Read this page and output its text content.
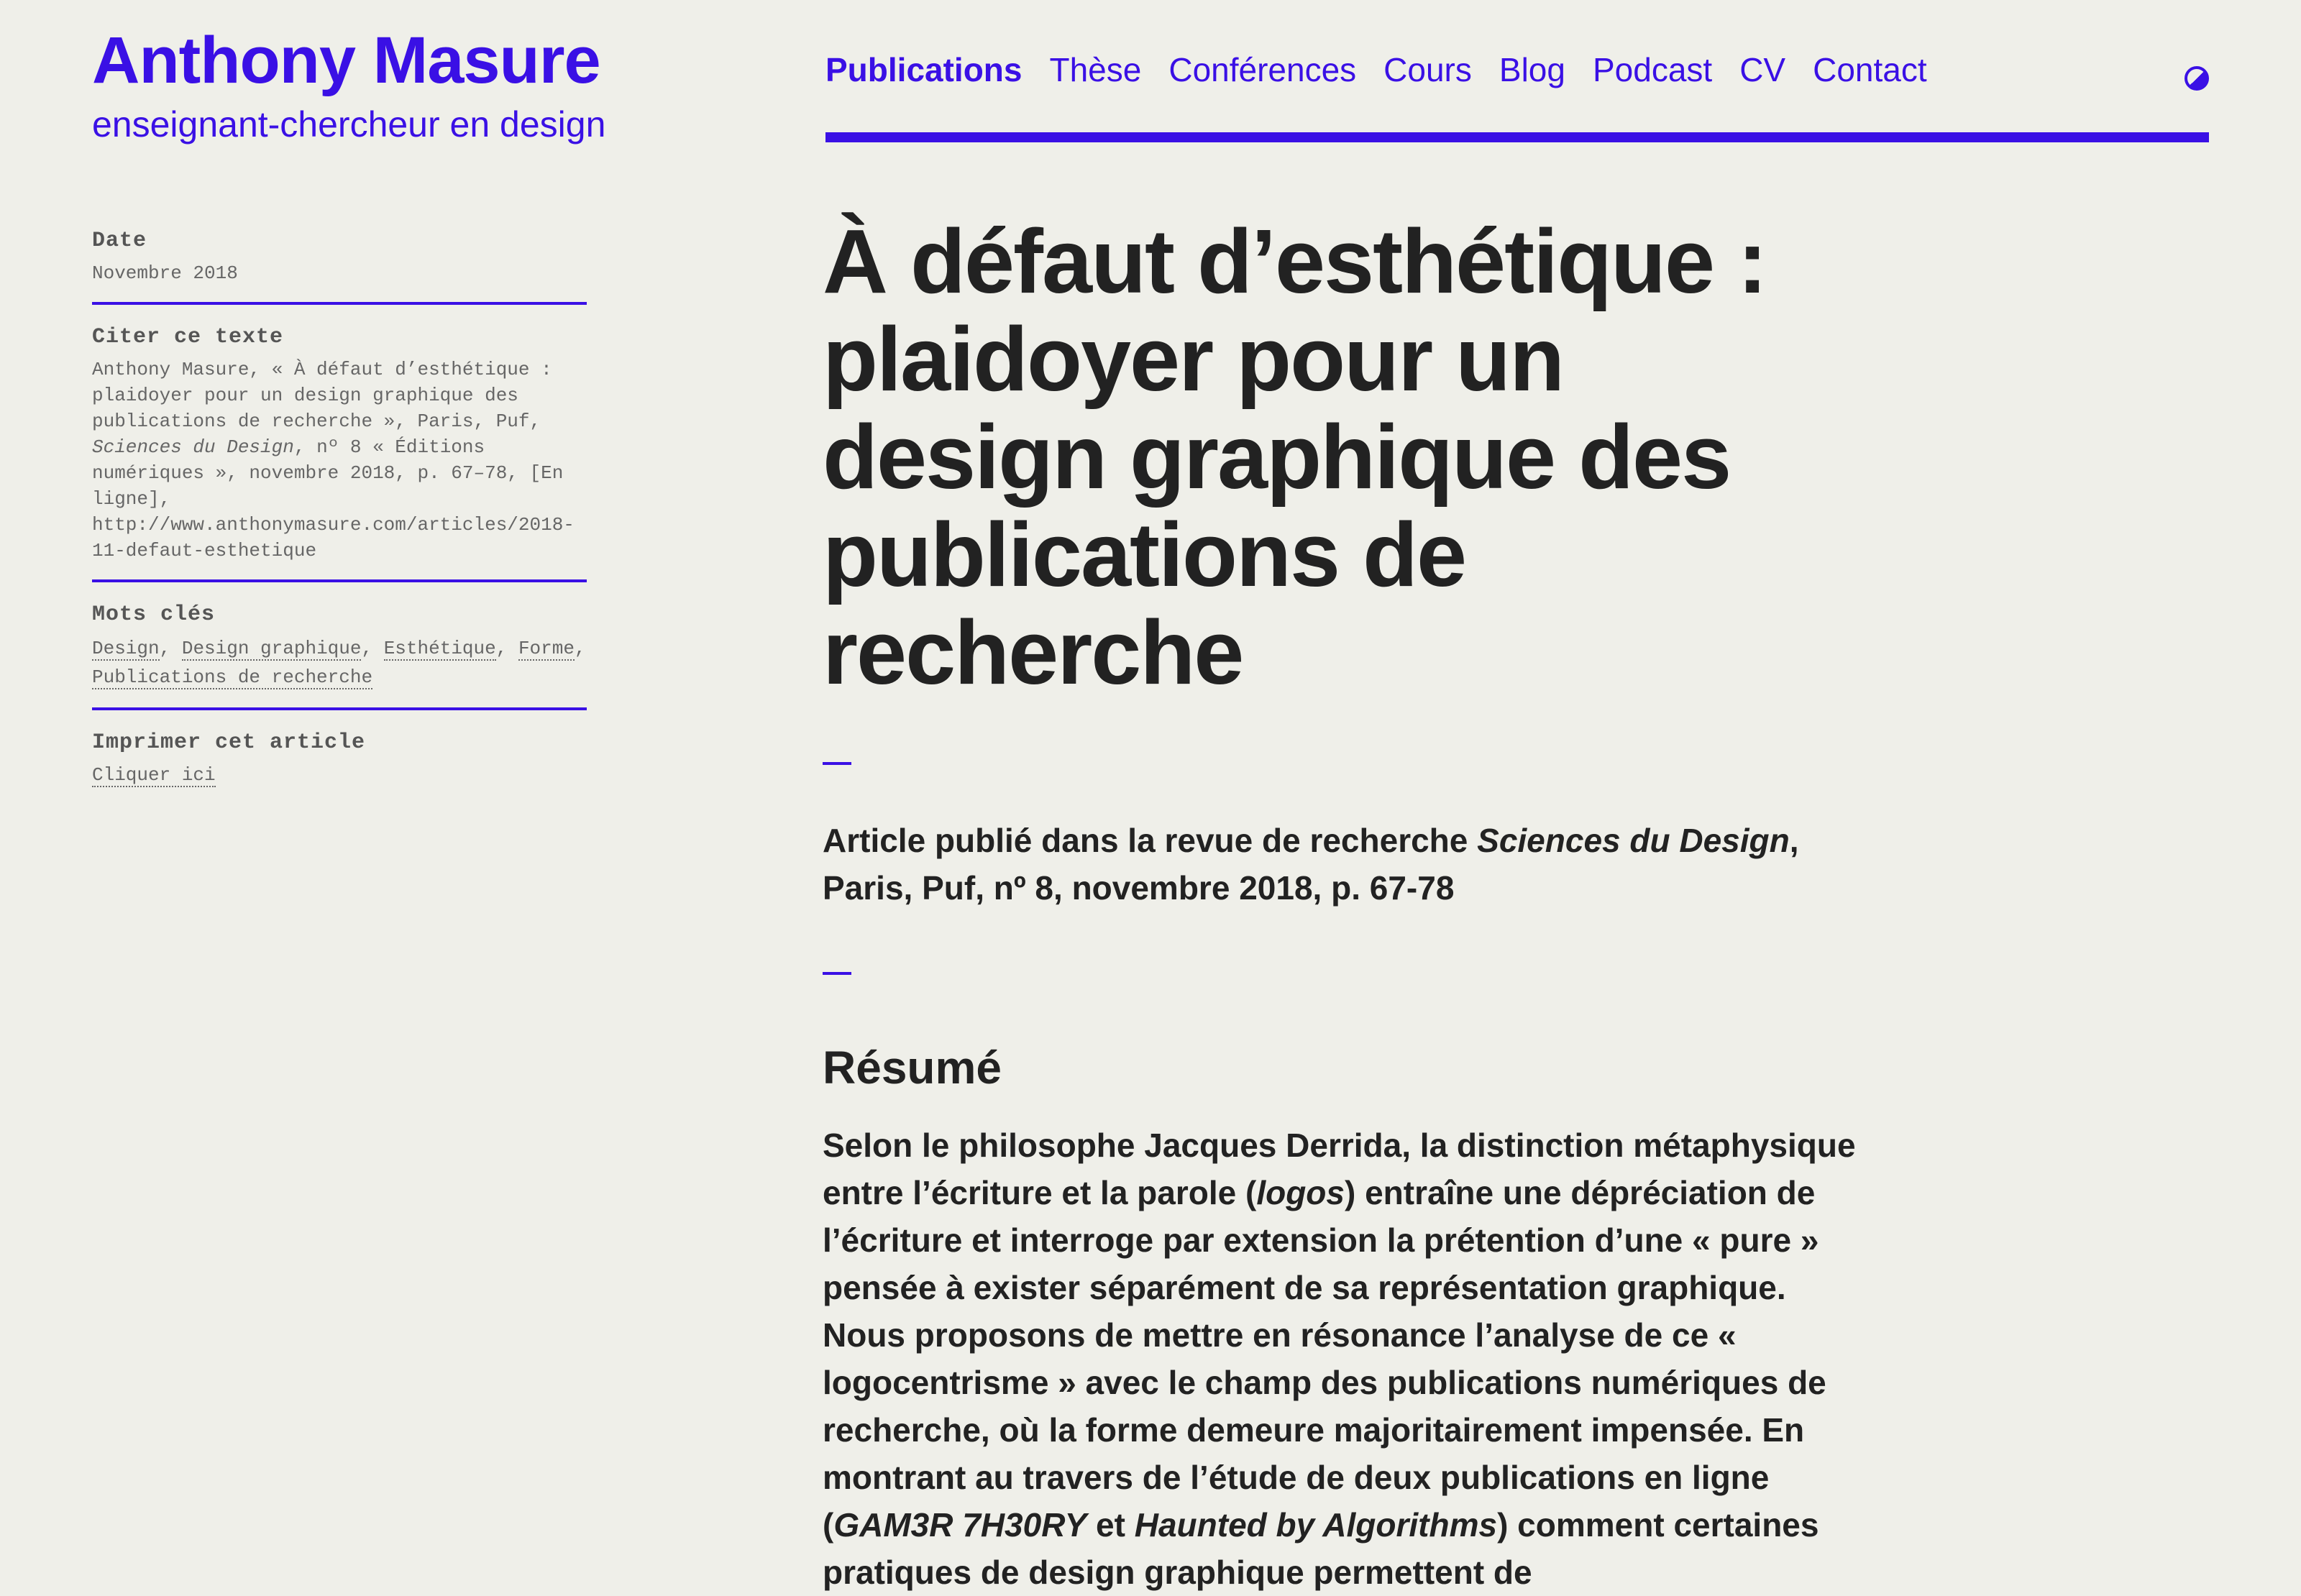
Anthony Masure

enseignant-chercheur en design

Publications Thèse Conférences Cours Blog Podcast CV Contact
Date

Novembre 2018

Citer ce texte

Anthony Masure, « À défaut d’esthétique : plaidoyer pour un design graphique des publications de recherche », Paris, Puf, Sciences du Design, nº 8 « Éditions numériques », novembre 2018, p. 67–78, [En ligne], http://www.anthonymasure.com/articles/2018-11-defaut-esthetique

Mots clés

Design, Design graphique, Esthétique, Forme, Publications de recherche

Imprimer cet article

Cliquer ici

À défaut d’esthétique : plaidoyer pour un design graphique des publications de recherche

Article publié dans la revue de recherche Sciences du Design, Paris, Puf, nº 8, novembre 2018, p. 67-78

Résumé

Selon le philosophe Jacques Derrida, la distinction métaphysique entre l’écriture et la parole (logos) entraîne une dépréciation de l’écriture et interroge par extension la prétention d’une « pure » pensée à exister séparément de sa représentation graphique. Nous proposons de mettre en résonance l’analyse de ce « logocentrisme » avec le champ des publications numériques de recherche, où la forme demeure majoritairement impensée. En montrant au travers de l’étude de deux publications en ligne (GAM3R 7H30RY et Haunted by Algorithms) comment certaines pratiques de design graphique permettent de
